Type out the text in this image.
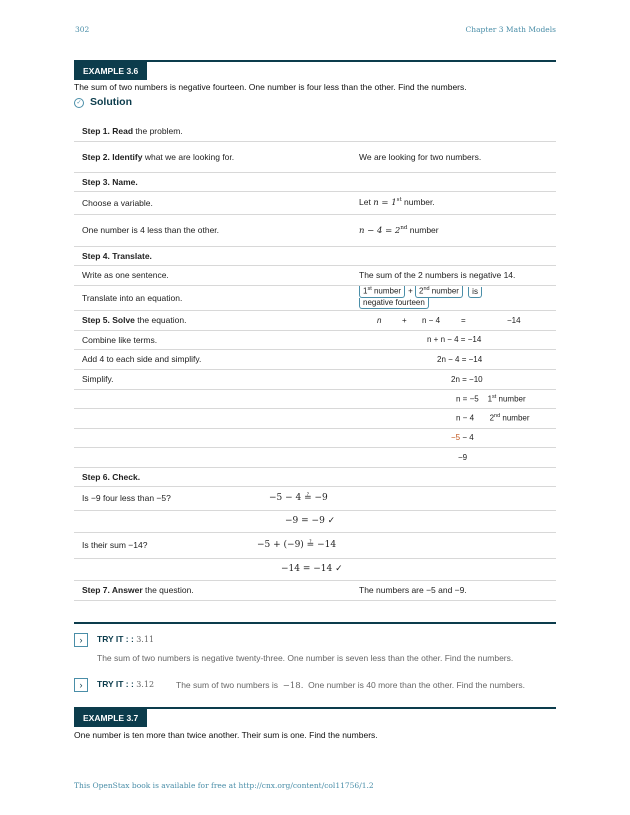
302	Chapter 3 Math Models
EXAMPLE 3.6
The sum of two numbers is negative fourteen. One number is four less than the other. Find the numbers.
✓ Solution
Step 1. Read the problem.		
Step 2. Identify what we are looking for.		We are looking for two numbers.
Step 3. Name.		
Choose a variable.		Let n = 1st number.
One number is 4 less than the other.		n − 4 = 2nd number
Step 4. Translate.		
Write as one sentence.		The sum of the 2 numbers is negative 14.
Translate into an equation.		1st number + 2nd number is negative fourteen
Step 5. Solve the equation.		n + n − 4 = −14

Combine like terms.		n + n − 4 = −14
Add 4 to each side and simplify.		2n − 4 = −14
Simplify.		2n = −10
		n = −5 1st number
		n − 4 2nd number
		−5 − 4
		−9
Step 6. Check.		
Is −9 four less than −5?	−5 − 4 ≟ −9	
	−9 = −9 ✓	
Is their sum −14?	−5 + (−9) ≟ −14	
	−14 = −14 ✓	
Step 7. Answer the question.		The numbers are −5 and −9.
›	TRY IT : : 3.11
The sum of two numbers is negative twenty-three. One number is seven less than the other. Find the numbers.
›	TRY IT : : 3.12	The sum of two numbers is −18. One number is 40 more than the other. Find the numbers.
EXAMPLE 3.7
One number is ten more than twice another. Their sum is one. Find the numbers.
This OpenStax book is available for free at http://cnx.org/content/col11756/1.2
